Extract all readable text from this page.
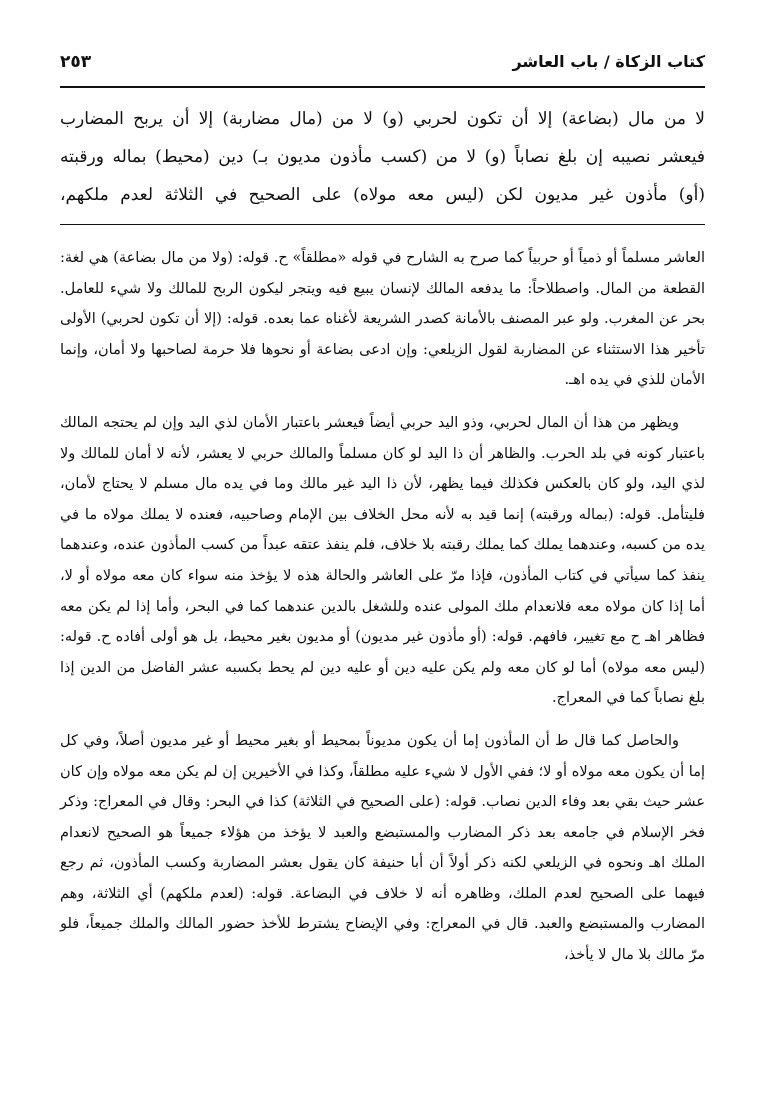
كتاب الزكاة / باب العاشر
٢٥٣
لا من مال (بضاعة) إلا أن تكون لحربي (و) لا من (مال مضاربة) إلا أن يربح المضارب
فيعشر نصيبه إن بلغ نصاباً (و) لا من (كسب مأذون مديون بـ) دين (محيط) بماله ورقبته
(أو) مأذون غير مديون لكن (ليس معه مولاه) على الصحيح في الثلاثة لعدم ملكهم،

العاشر مسلماً أو ذمياً أو حربياً كما صرح به الشارح في قوله «مطلقاً» ح. قوله: (ولا من مال بضاعة) هي لغة: القطعة من المال. واصطلاحاً: ما يدفعه المالك لإنسان يبيع فيه ويتجر ليكون الربح للمالك ولا شيء للعامل. بحر عن المغرب. ولو عبر المصنف بالأمانة كصدر الشريعة لأغناه عما بعده. قوله: (إلا أن تكون لحربي) الأولى تأخير هذا الاستثناء عن المضاربة لقول الزيلعي: وإن ادعى بضاعة أو نحوها فلا حرمة لصاحبها ولا أمان، وإنما الأمان للذي في يده اهـ.

ويظهر من هذا أن المال لحربي، وذو اليد حربي أيضاً فيعشر باعتبار الأمان لذي اليد وإن لم يحتجه المالك باعتبار كونه في بلد الحرب. والظاهر أن ذا اليد لو كان مسلماً والمالك حربي لا يعشر، لأنه لا أمان للمالك ولا لذي اليد، ولو كان بالعكس فكذلك فيما يظهر، لأن ذا اليد غير مالك وما في يده مال مسلم لا يحتاج لأمان، فليتأمل. قوله: (بماله ورقبته) إنما قيد به لأنه محل الخلاف بين الإمام وصاحبيه، فعنده لا يملك مولاه ما في يده من كسبه، وعندهما يملك كما يملك رقبته بلا خلاف، فلم ينفذ عتقه عبداً من كسب المأذون عنده، وعندهما ينفذ كما سيأتي في كتاب المأذون، فإذا مرّ على العاشر والحالة هذه لا يؤخذ منه سواء كان معه مولاه أو لا، أما إذا كان مولاه معه فلانعدام ملك المولى عنده وللشغل بالدين عندهما كما في البحر، وأما إذا لم يكن معه فظاهر اهـ ح مع تغيير، فافهم. قوله: (أو مأذون غير مديون) أو مديون بغير محيط، بل هو أولى أفاده ح. قوله: (ليس معه مولاه) أما لو كان معه ولم يكن عليه دين أو عليه دين لم يحط بكسبه عشر الفاضل من الدين إذا بلغ نصاباً كما في المعراج.

والحاصل كما قال ط أن المأذون إما أن يكون مديوناً بمحيط أو بغير محيط أو غير مديون أصلاً، وفي كل إما أن يكون معه مولاه أو لا؛ ففي الأول لا شيء عليه مطلقاً، وكذا في الأخيرين إن لم يكن معه مولاه وإن كان عشر حيث بقي بعد وفاء الدين نصاب. قوله: (على الصحيح في الثلاثة) كذا في البحر: وقال في المعراج: وذكر فخر الإسلام في جامعه بعد ذكر المضارب والمستبضع والعبد لا يؤخذ من هؤلاء جميعاً هو الصحيح لانعدام الملك اهـ ونحوه في الزيلعي لكنه ذكر أولاً أن أبا حنيفة كان يقول بعشر المضاربة وكسب المأذون، ثم رجع فيهما على الصحيح لعدم الملك، وظاهره أنه لا خلاف في البضاعة. قوله: (لعدم ملكهم) أي الثلاثة، وهم المضارب والمستبضع والعبد. قال في المعراج: وفي الإيضاح يشترط للأخذ حضور المالك والملك جميعاً، فلو مرّ مالك بلا مال لا يأخذ،
